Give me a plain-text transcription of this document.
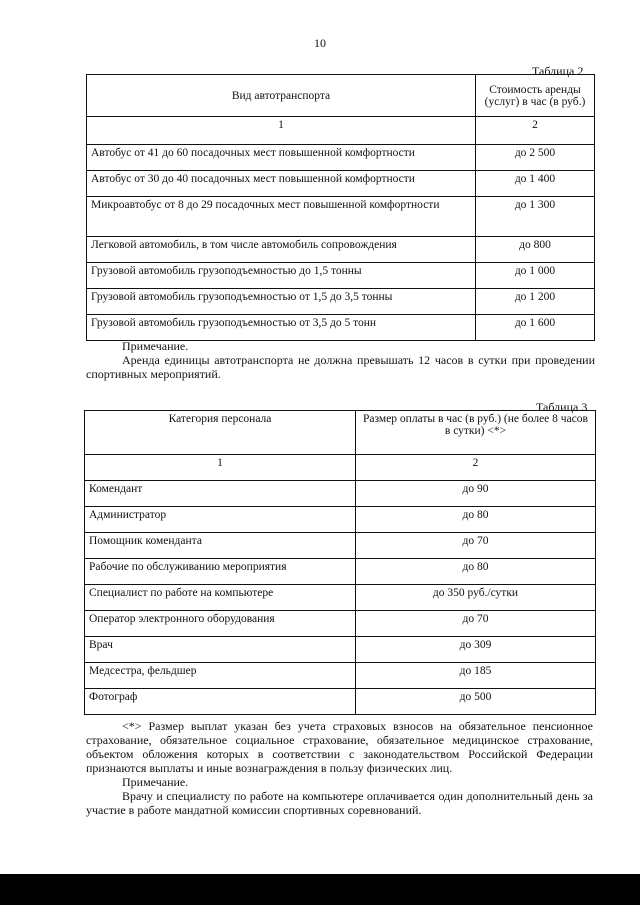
10
Таблица 2
Вид автотранспорта	Стоимость аренды (услуг) в час (в руб.)
1	2
Автобус от 41 до 60 посадочных мест повышенной комфортности	до 2 500
Автобус от 30 до 40 посадочных мест повышенной комфортности	до 1 400
Микроавтобус от 8 до 29 посадочных мест повышенной комфортности	до 1 300
Легковой автомобиль, в том числе автомобиль сопровождения	до 800
Грузовой автомобиль грузоподъемностью до 1,5 тонны	до 1 000
Грузовой автомобиль грузоподъемностью от 1,5 до 3,5 тонны	до 1 200
Грузовой автомобиль грузоподъемностью от 3,5 до 5 тонн	до 1 600

Примечание.

Аренда единицы автотранспорта не должна превышать 12 часов в сутки при проведении спортивных мероприятий.

Таблица 3
Категория персонала	Размер оплаты в час (в руб.) (не более 8 часов в сутки) <*>
1	2
Комендант	до 90
Администратор	до 80
Помощник коменданта	до 70
Рабочие по обслуживанию мероприятия	до 80
Специалист по работе на компьютере	до 350 руб./сутки
Оператор электронного оборудования	до 70
Врач	до 309
Медсестра, фельдшер	до 185
Фотограф	до 500

<*> Размер выплат указан без учета страховых взносов на обязательное пенсионное страхование, обязательное социальное страхование, обязательное медицинское страхование, объектом обложения которых в соответствии с законодательством Российской Федерации признаются выплаты и иные вознаграждения в пользу физических лиц.

Примечание.

Врачу и специалисту по работе на компьютере оплачивается один дополнительный день за участие в работе мандатной комиссии спортивных соревнований.
